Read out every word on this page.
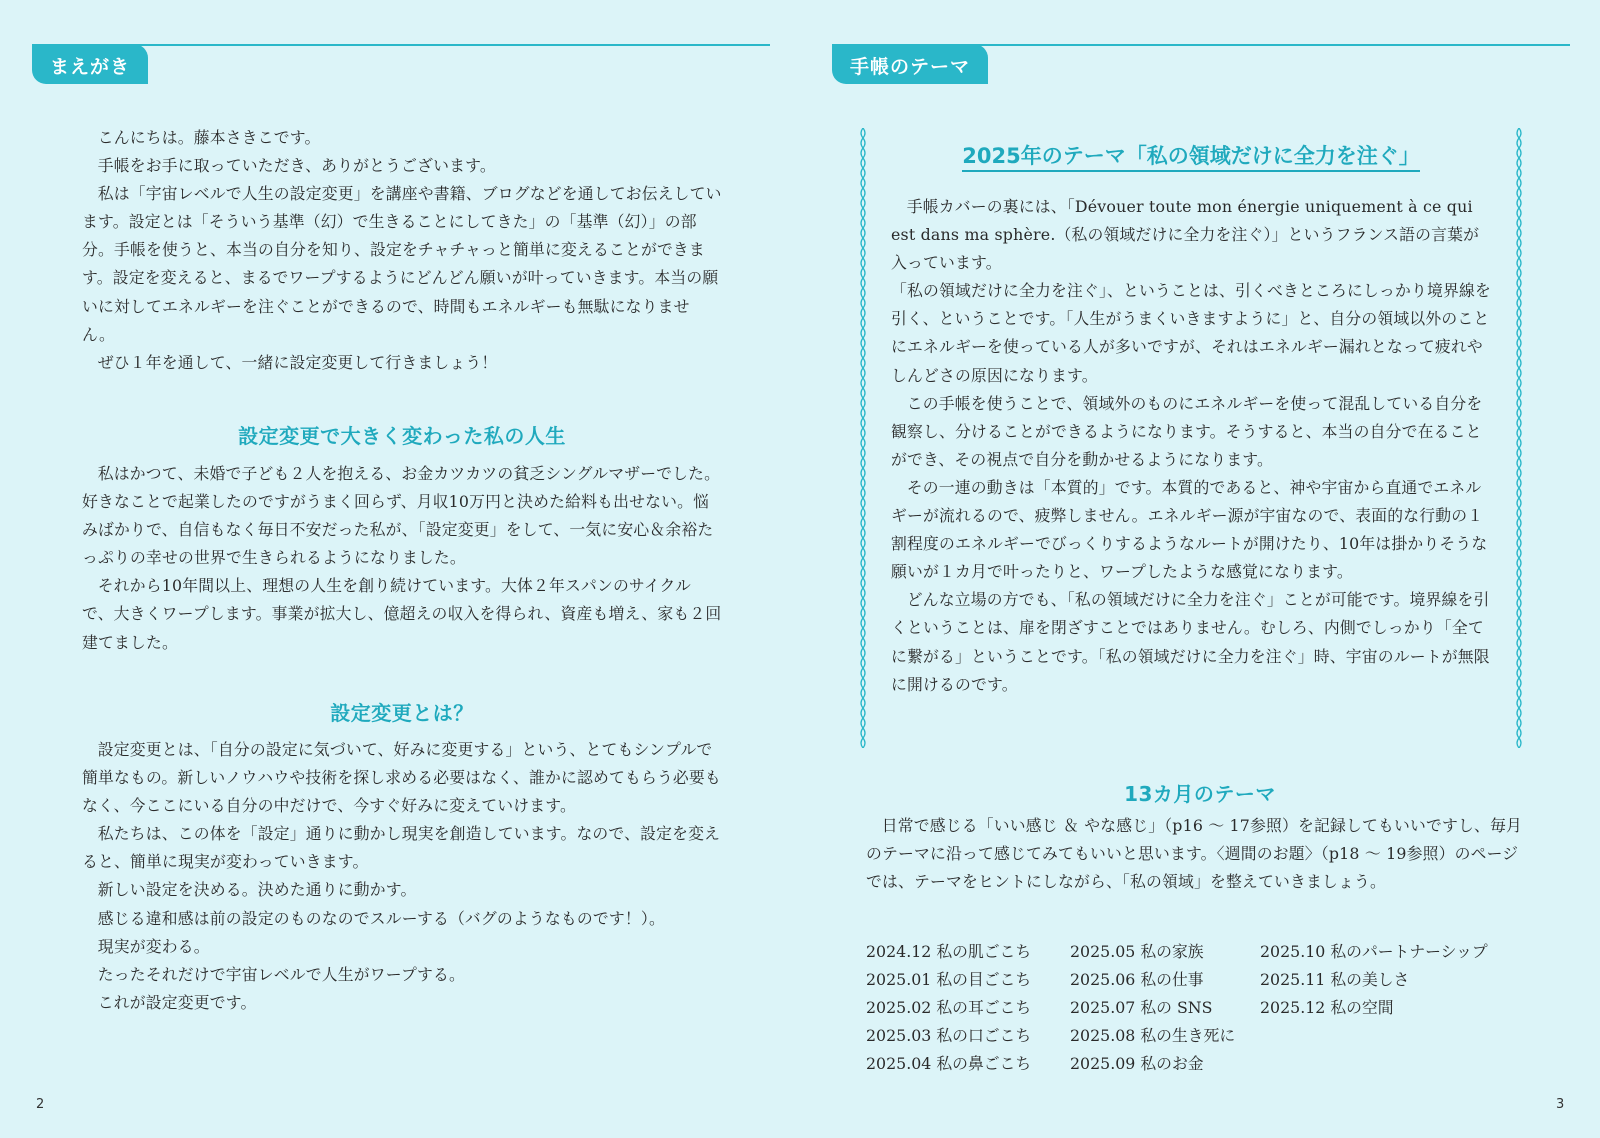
まえがき

こんにちは。藤本さきこです。

手帳をお手に取っていただき、ありがとうございます。

私は「宇宙レベルで人生の設定変更」を講座や書籍、ブログなどを通してお伝えしています。設定とは「そういう基準（幻）で生きることにしてきた」の「基準（幻）」の部分。手帳を使うと、本当の自分を知り、設定をチャチャっと簡単に変えることができます。設定を変えると、まるでワープするようにどんどん願いが叶っていきます。本当の願いに対してエネルギーを注ぐことができるので、時間もエネルギーも無駄になりません。

ぜひ１年を通して、一緒に設定変更して行きましょう！

設定変更で大きく変わった私の人生

私はかつて、未婚で子ども２人を抱える、お金カツカツの貧乏シングルマザーでした。好きなことで起業したのですがうまく回らず、月収10万円と決めた給料も出せない。悩みばかりで、自信もなく毎日不安だった私が、「設定変更」をして、一気に安心＆余裕たっぷりの幸せの世界で生きられるようになりました。

それから10年間以上、理想の人生を創り続けています。大体２年スパンのサイクルで、大きくワープします。事業が拡大し、億超えの収入を得られ、資産も増え、家も２回建てました。

設定変更とは？

設定変更とは、「自分の設定に気づいて、好みに変更する」という、とてもシンプルで簡単なもの。新しいノウハウや技術を探し求める必要はなく、誰かに認めてもらう必要もなく、今ここにいる自分の中だけで、今すぐ好みに変えていけます。

私たちは、この体を「設定」通りに動かし現実を創造しています。なので、設定を変えると、簡単に現実が変わっていきます。

新しい設定を決める。決めた通りに動かす。

感じる違和感は前の設定のものなのでスルーする（バグのようなものです！）。

現実が変わる。

たったそれだけで宇宙レベルで人生がワープする。

これが設定変更です。

2
手帳のテーマ
2025年のテーマ「私の領域だけに全力を注ぐ」

手帳カバーの裏には、「Dévouer toute mon énergie uniquement à ce qui est dans ma sphère.（私の領域だけに全力を注ぐ）」というフランス語の言葉が入っています。

「私の領域だけに全力を注ぐ」、ということは、引くべきところにしっかり境界線を引く、ということです。「人生がうまくいきますように」と、自分の領域以外のことにエネルギーを使っている人が多いですが、それはエネルギー漏れとなって疲れやしんどさの原因になります。

この手帳を使うことで、領域外のものにエネルギーを使って混乱している自分を観察し、分けることができるようになります。そうすると、本当の自分で在ることができ、その視点で自分を動かせるようになります。

その一連の動きは「本質的」です。本質的であると、神や宇宙から直通でエネルギーが流れるので、疲弊しません。エネルギー源が宇宙なので、表面的な行動の１割程度のエネルギーでびっくりするようなルートが開けたり、10年は掛かりそうな願いが１カ月で叶ったりと、ワープしたような感覚になります。

どんな立場の方でも、「私の領域だけに全力を注ぐ」ことが可能です。境界線を引くということは、扉を閉ざすことではありません。むしろ、内側でしっかり「全てに繋がる」ということです。「私の領域だけに全力を注ぐ」時、宇宙のルートが無限に開けるのです。

13カ月のテーマ

日常で感じる「いい感じ ＆ やな感じ」（p16 〜 17参照）を記録してもいいですし、毎月のテーマに沿って感じてみてもいいと思います。〈週間のお題〉（p18 〜 19参照）のページでは、テーマをヒントにしながら、「私の領域」を整えていきましょう。

2024.12 私の肌ごこち
2025.01 私の目ごこち
2025.02 私の耳ごこち
2025.03 私の口ごこち
2025.04 私の鼻ごこち
2025.05 私の家族
2025.06 私の仕事
2025.07 私の SNS
2025.08 私の生き死に
2025.09 私のお金
2025.10 私のパートナーシップ
2025.11 私の美しさ
2025.12 私の空間
3
